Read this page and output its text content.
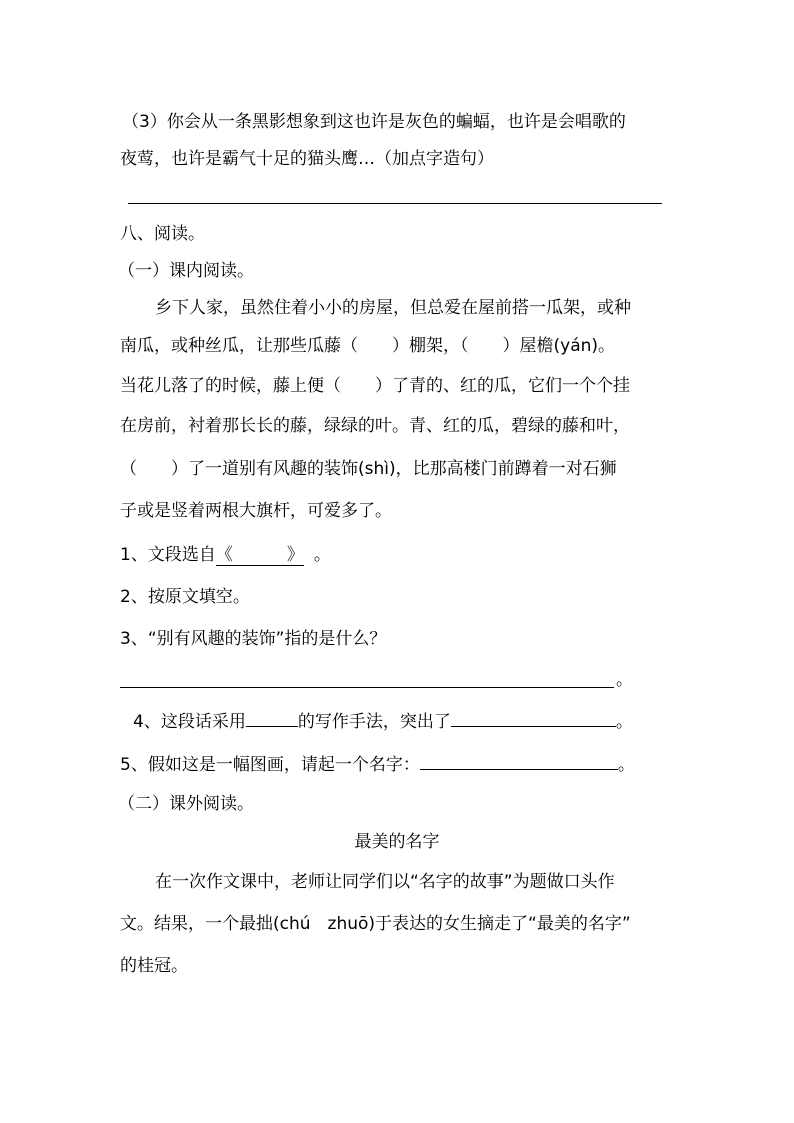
（3）你会从一条黑影想象到这也许是灰色的蝙蝠，也许是会唱歌的
夜莺，也许是霸气十足的猫头鹰…（加点字造句）
八、阅读。
（一）课内阅读。
乡下人家，虽然住着小小的房屋，但总爱在屋前搭一瓜架，或种
南瓜，或种丝瓜，让那些瓜藤（　　）棚架，（　　）屋檐(yán)。
当花儿落了的时候，藤上便（　　）了青的、红的瓜，它们一个个挂
在房前，衬着那长长的藤，绿绿的叶。青、红的瓜，碧绿的藤和叶，
（　　）了一道别有风趣的装饰(shì)，比那高楼门前蹲着一对石狮
子或是竖着两根大旗杆，可爱多了。
1、文段选自 《	》 。
2、按原文填空。
3、“别有风趣的装饰”指的是什么？
。
4、这段话采用	的写作手法，突出了	。
5、假如这是一幅图画，请起一个名字：	。
（二）课外阅读。
最美的名字
在一次作文课中，老师让同学们以“名字的故事”为题做口头作
文。结果，一个最拙(chú　zhuō)于表达的女生摘走了“最美的名字”
的桂冠。
